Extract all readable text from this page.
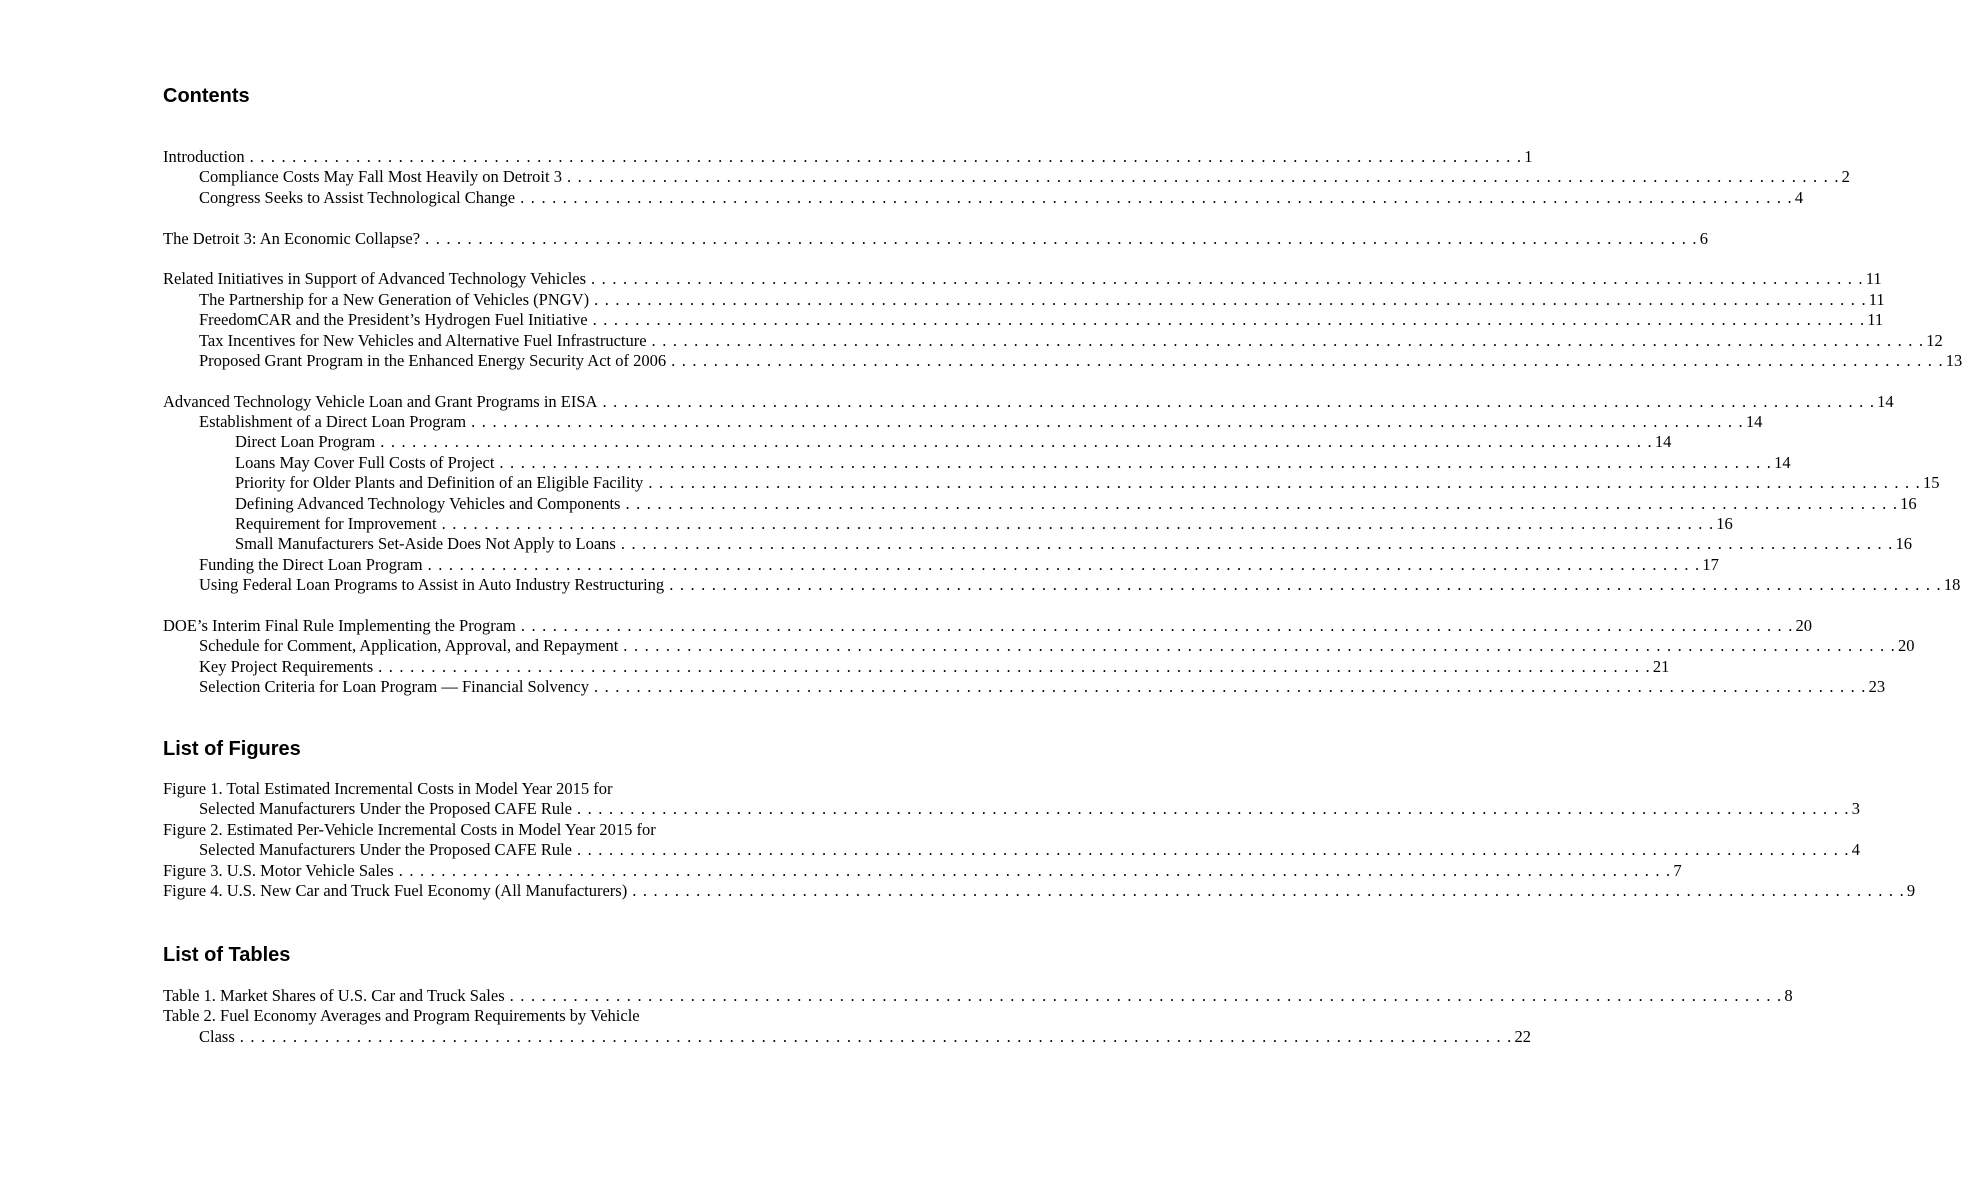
Contents
Introduction . . . . . . . . . . . . . . . . . . . . . . . . . . . . . . . . . . . . . . . . . . . . . . . . . . . . . . . . . . . . . . . . . . . . . . . . . . . . . . . . . . . . . . . . . . . . . . . . . . . . . . . . . . . . . . . . . . . . . . . . 1
Compliance Costs May Fall Most Heavily on Detroit 3 . . . . . . . . . . . . . . . . . . . . . . . . . . . . . . . . . . . . . . . . . . . . . . . . . . . . . . . . . . . . . . . . . . . . . . . . . . . . . . . . . . . . . . . . . . . . . . . . . . . . . . . . . . . . . . . . . . . . . . . . 2
Congress Seeks to Assist Technological Change . . . . . . . . . . . . . . . . . . . . . . . . . . . . . . . . . . . . . . . . . . . . . . . . . . . . . . . . . . . . . . . . . . . . . . . . . . . . . . . . . . . . . . . . . . . . . . . . . . . . . . . . . . . . . . . . . . . . . . . . 4
The Detroit 3: An Economic Collapse? . . . . . . . . . . . . . . . . . . . . . . . . . . . . . . . . . . . . . . . . . . . . . . . . . . . . . . . . . . . . . . . . . . . . . . . . . . . . . . . . . . . . . . . . . . . . . . . . . . . . . . . . . . . . . . . . . . . . . . . . 6
Related Initiatives in Support of Advanced Technology Vehicles . . . . . . . . . . . . . . . . . . . . . . . . . . . . . . . . . . . . . . . . . . . . . . . . . . . . . . . . . . . . . . . . . . . . . . . . . . . . . . . . . . . . . . . . . . . . . . . . . . . . . . . . . . . . . . . . . . . . . . . . 11
The Partnership for a New Generation of Vehicles (PNGV) . . . . . . . . . . . . . . . . . . . . . . . . . . . . . . . . . . . . . . . . . . . . . . . . . . . . . . . . . . . . . . . . . . . . . . . . . . . . . . . . . . . . . . . . . . . . . . . . . . . . . . . . . . . . . . . . . . . . . . . . 11
FreedomCAR and the President’s Hydrogen Fuel Initiative . . . . . . . . . . . . . . . . . . . . . . . . . . . . . . . . . . . . . . . . . . . . . . . . . . . . . . . . . . . . . . . . . . . . . . . . . . . . . . . . . . . . . . . . . . . . . . . . . . . . . . . . . . . . . . . . . . . . . . . . 11
Tax Incentives for New Vehicles and Alternative Fuel Infrastructure . . . . . . . . . . . . . . . . . . . . . . . . . . . . . . . . . . . . . . . . . . . . . . . . . . . . . . . . . . . . . . . . . . . . . . . . . . . . . . . . . . . . . . . . . . . . . . . . . . . . . . . . . . . . . . . . . . . . . . . . 12
Proposed Grant Program in the Enhanced Energy Security Act of 2006 . . . . . . . . . . . . . . . . . . . . . . . . . . . . . . . . . . . . . . . . . . . . . . . . . . . . . . . . . . . . . . . . . . . . . . . . . . . . . . . . . . . . . . . . . . . . . . . . . . . . . . . . . . . . . . . . . . . . . . . . 13
Advanced Technology Vehicle Loan and Grant Programs in EISA . . . . . . . . . . . . . . . . . . . . . . . . . . . . . . . . . . . . . . . . . . . . . . . . . . . . . . . . . . . . . . . . . . . . . . . . . . . . . . . . . . . . . . . . . . . . . . . . . . . . . . . . . . . . . . . . . . . . . . . . 14
Establishment of a Direct Loan Program . . . . . . . . . . . . . . . . . . . . . . . . . . . . . . . . . . . . . . . . . . . . . . . . . . . . . . . . . . . . . . . . . . . . . . . . . . . . . . . . . . . . . . . . . . . . . . . . . . . . . . . . . . . . . . . . . . . . . . . . 14
Direct Loan Program . . . . . . . . . . . . . . . . . . . . . . . . . . . . . . . . . . . . . . . . . . . . . . . . . . . . . . . . . . . . . . . . . . . . . . . . . . . . . . . . . . . . . . . . . . . . . . . . . . . . . . . . . . . . . . . . . . . . . . . . 14
Loans May Cover Full Costs of Project . . . . . . . . . . . . . . . . . . . . . . . . . . . . . . . . . . . . . . . . . . . . . . . . . . . . . . . . . . . . . . . . . . . . . . . . . . . . . . . . . . . . . . . . . . . . . . . . . . . . . . . . . . . . . . . . . . . . . . . . 14
Priority for Older Plants and Definition of an Eligible Facility . . . . . . . . . . . . . . . . . . . . . . . . . . . . . . . . . . . . . . . . . . . . . . . . . . . . . . . . . . . . . . . . . . . . . . . . . . . . . . . . . . . . . . . . . . . . . . . . . . . . . . . . . . . . . . . . . . . . . . . . 15
Defining Advanced Technology Vehicles and Components . . . . . . . . . . . . . . . . . . . . . . . . . . . . . . . . . . . . . . . . . . . . . . . . . . . . . . . . . . . . . . . . . . . . . . . . . . . . . . . . . . . . . . . . . . . . . . . . . . . . . . . . . . . . . . . . . . . . . . . . 16
Requirement for Improvement . . . . . . . . . . . . . . . . . . . . . . . . . . . . . . . . . . . . . . . . . . . . . . . . . . . . . . . . . . . . . . . . . . . . . . . . . . . . . . . . . . . . . . . . . . . . . . . . . . . . . . . . . . . . . . . . . . . . . . . . 16
Small Manufacturers Set-Aside Does Not Apply to Loans . . . . . . . . . . . . . . . . . . . . . . . . . . . . . . . . . . . . . . . . . . . . . . . . . . . . . . . . . . . . . . . . . . . . . . . . . . . . . . . . . . . . . . . . . . . . . . . . . . . . . . . . . . . . . . . . . . . . . . . . 16
Funding the Direct Loan Program . . . . . . . . . . . . . . . . . . . . . . . . . . . . . . . . . . . . . . . . . . . . . . . . . . . . . . . . . . . . . . . . . . . . . . . . . . . . . . . . . . . . . . . . . . . . . . . . . . . . . . . . . . . . . . . . . . . . . . . . 17
Using Federal Loan Programs to Assist in Auto Industry Restructuring . . . . . . . . . . . . . . . . . . . . . . . . . . . . . . . . . . . . . . . . . . . . . . . . . . . . . . . . . . . . . . . . . . . . . . . . . . . . . . . . . . . . . . . . . . . . . . . . . . . . . . . . . . . . . . . . . . . . . . . . 18
DOE’s Interim Final Rule Implementing the Program . . . . . . . . . . . . . . . . . . . . . . . . . . . . . . . . . . . . . . . . . . . . . . . . . . . . . . . . . . . . . . . . . . . . . . . . . . . . . . . . . . . . . . . . . . . . . . . . . . . . . . . . . . . . . . . . . . . . . . . . 20
Schedule for Comment, Application, Approval, and Repayment . . . . . . . . . . . . . . . . . . . . . . . . . . . . . . . . . . . . . . . . . . . . . . . . . . . . . . . . . . . . . . . . . . . . . . . . . . . . . . . . . . . . . . . . . . . . . . . . . . . . . . . . . . . . . . . . . . . . . . . . 20
Key Project Requirements . . . . . . . . . . . . . . . . . . . . . . . . . . . . . . . . . . . . . . . . . . . . . . . . . . . . . . . . . . . . . . . . . . . . . . . . . . . . . . . . . . . . . . . . . . . . . . . . . . . . . . . . . . . . . . . . . . . . . . . . 21
Selection Criteria for Loan Program — Financial Solvency . . . . . . . . . . . . . . . . . . . . . . . . . . . . . . . . . . . . . . . . . . . . . . . . . . . . . . . . . . . . . . . . . . . . . . . . . . . . . . . . . . . . . . . . . . . . . . . . . . . . . . . . . . . . . . . . . . . . . . . . 23
List of Figures
Figure 1. Total Estimated Incremental Costs in Model Year 2015 for
Selected Manufacturers Under the Proposed CAFE Rule . . . . . . . . . . . . . . . . . . . . . . . . . . . . . . . . . . . . . . . . . . . . . . . . . . . . . . . . . . . . . . . . . . . . . . . . . . . . . . . . . . . . . . . . . . . . . . . . . . . . . . . . . . . . . . . . . . . . . . . . 3
Figure 2. Estimated Per-Vehicle Incremental Costs in Model Year 2015 for
Selected Manufacturers Under the Proposed CAFE Rule . . . . . . . . . . . . . . . . . . . . . . . . . . . . . . . . . . . . . . . . . . . . . . . . . . . . . . . . . . . . . . . . . . . . . . . . . . . . . . . . . . . . . . . . . . . . . . . . . . . . . . . . . . . . . . . . . . . . . . . . 4
Figure 3. U.S. Motor Vehicle Sales . . . . . . . . . . . . . . . . . . . . . . . . . . . . . . . . . . . . . . . . . . . . . . . . . . . . . . . . . . . . . . . . . . . . . . . . . . . . . . . . . . . . . . . . . . . . . . . . . . . . . . . . . . . . . . . . . . . . . . . . 7
Figure 4. U.S. New Car and Truck Fuel Economy (All Manufacturers) . . . . . . . . . . . . . . . . . . . . . . . . . . . . . . . . . . . . . . . . . . . . . . . . . . . . . . . . . . . . . . . . . . . . . . . . . . . . . . . . . . . . . . . . . . . . . . . . . . . . . . . . . . . . . . . . . . . . . . . . 9
List of Tables
Table 1. Market Shares of U.S. Car and Truck Sales . . . . . . . . . . . . . . . . . . . . . . . . . . . . . . . . . . . . . . . . . . . . . . . . . . . . . . . . . . . . . . . . . . . . . . . . . . . . . . . . . . . . . . . . . . . . . . . . . . . . . . . . . . . . . . . . . . . . . . . . 8
Table 2. Fuel Economy Averages and Program Requirements by Vehicle
Class . . . . . . . . . . . . . . . . . . . . . . . . . . . . . . . . . . . . . . . . . . . . . . . . . . . . . . . . . . . . . . . . . . . . . . . . . . . . . . . . . . . . . . . . . . . . . . . . . . . . . . . . . . . . . . . . . . . . . . . . 22
